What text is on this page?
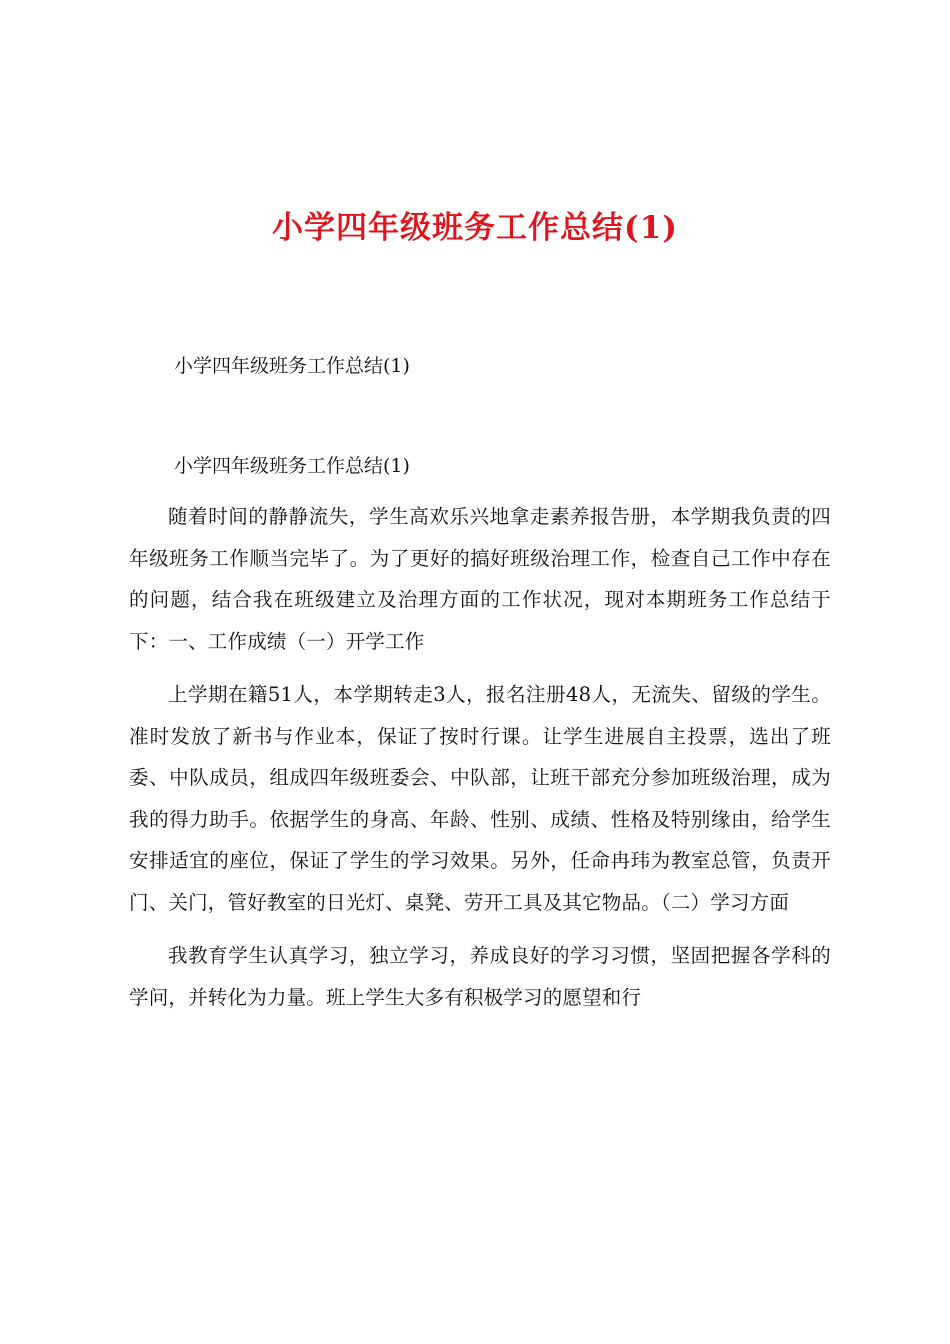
小学四年级班务工作总结(1)

小学四年级班务工作总结(1)

小学四年级班务工作总结(1)

随着时间的静静流失，学生高欢乐兴地拿走素养报告册，本学期我负责的四年级班务工作顺当完毕了。为了更好的搞好班级治理工作，检查自己工作中存在的问题，结合我在班级建立及治理方面的工作状况，现对本期班务工作总结于下：一、工作成绩（一）开学工作

上学期在籍51人，本学期转走3人，报名注册48人，无流失、留级的学生。准时发放了新书与作业本，保证了按时行课。让学生进展自主投票，选出了班委、中队成员，组成四年级班委会、中队部，让班干部充分参加班级治理，成为我的得力助手。依据学生的身高、年龄、性别、成绩、性格及特别缘由，给学生安排适宜的座位，保证了学生的学习效果。另外，任命冉玮为教室总管，负责开门、关门，管好教室的日光灯、桌凳、劳开工具及其它物品。（二）学习方面

我教育学生认真学习，独立学习，养成良好的学习习惯，坚固把握各学科的学问，并转化为力量。班上学生大多有积极学习的愿望和行
